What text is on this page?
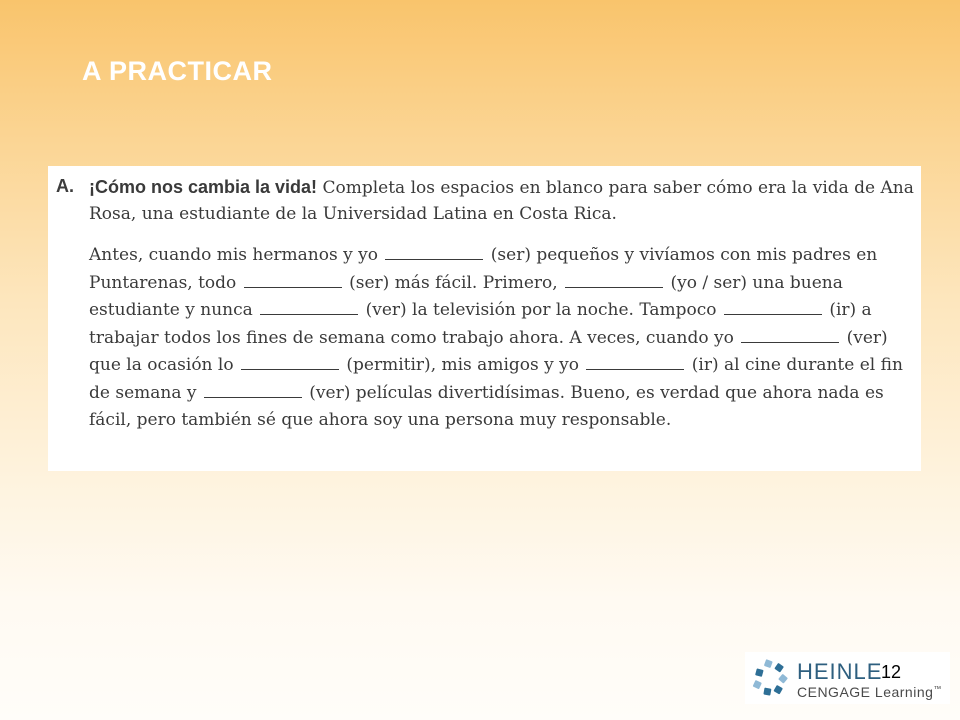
A PRACTICAR
A. ¡Cómo nos cambia la vida! Completa los espacios en blanco para saber cómo era la vida de Ana Rosa, una estudiante de la Universidad Latina en Costa Rica.
Antes, cuando mis hermanos y yo	(ser) pequeños y vivíamos con mis padres en Puntarenas, todo	(ser) más fácil. Primero,	(yo / ser) una buena estudiante y nunca	(ver) la televisión por la noche. Tampoco	(ir) a trabajar todos los fines de semana como trabajo ahora. A veces, cuando yo	(ver) que la ocasión lo	(permitir), mis amigos y yo	(ir) al cine durante el fin de semana y	(ver) películas divertidísimas. Bueno, es verdad que ahora nada es fácil, pero también sé que ahora soy una persona muy responsable.
HEINLE
CENGAGE Learning™
12
